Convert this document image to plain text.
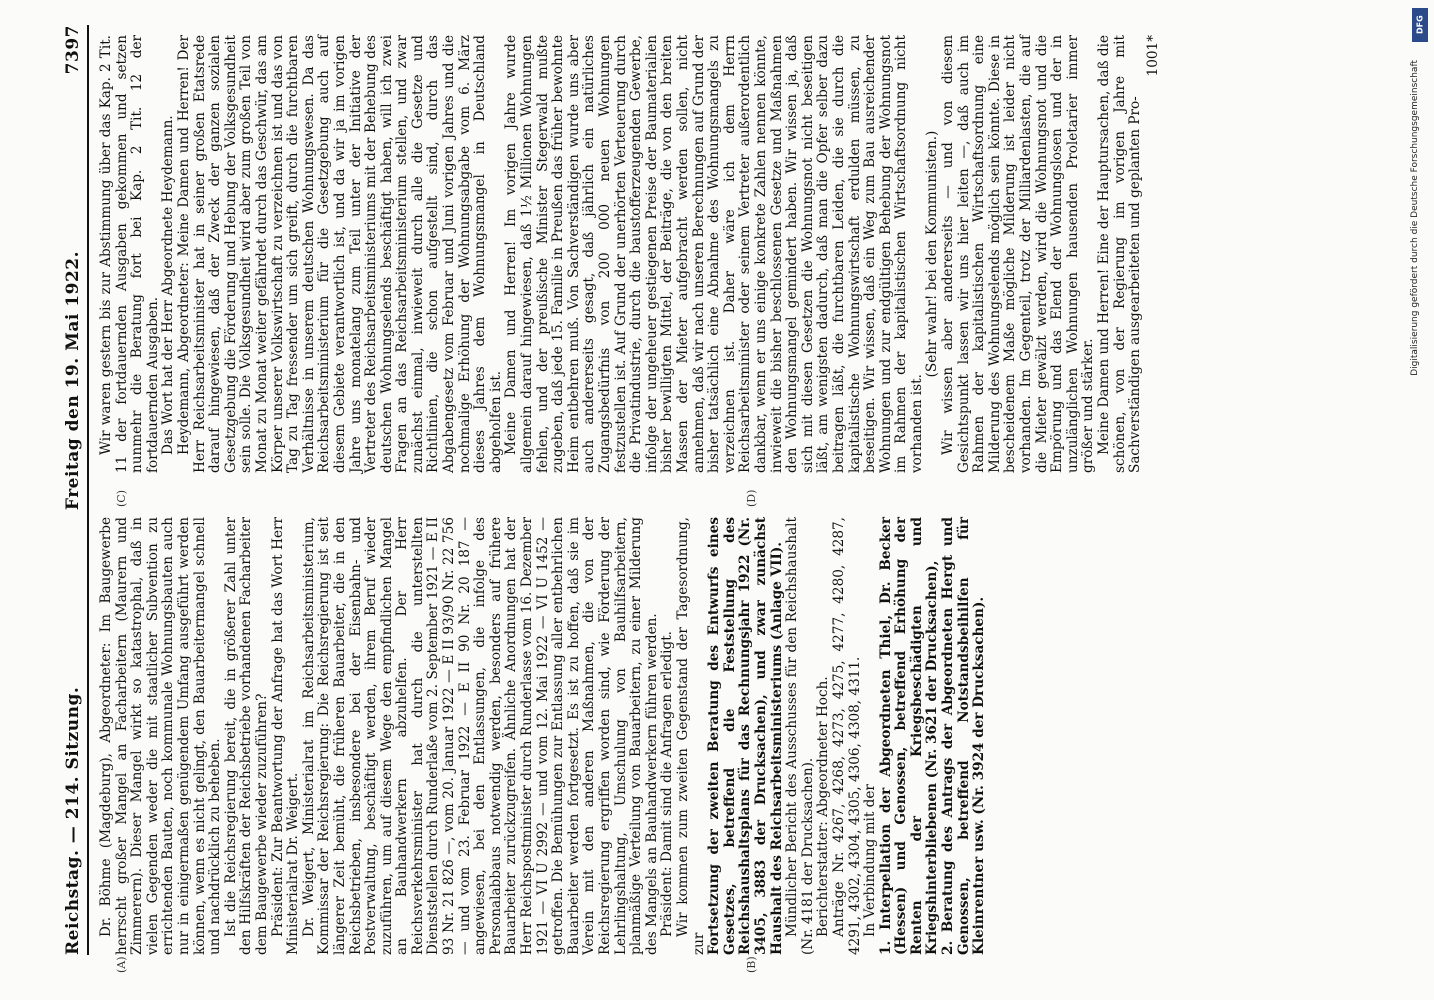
Reichstag. — 214. Sitzung.
Freitag den 19. Mai 1922.
7397
(A)	(B)
(C)	(D)

Dr. Böhme (Magdeburg), Abgeordneter: Im Baugewerbe herrscht großer Mangel an Facharbeitern (Maurern und Zimmerern). Dieser Mangel wirkt so katastrophal, daß in vielen Gegenden weder die mit staatlicher Subvention zu errichtenden Bauten, noch kommunale Wohnungsbauten auch nur in einigermaßen genügendem Umfang ausgeführt werden können, wenn es nicht gelingt, den Bauarbeitermangel schnell und nachdrücklich zu beheben. Ist die Reichsregierung bereit, die in größerer Zahl unter den Hilfskräften der Reichsbetriebe vorhandenen Facharbeiter dem Baugewerbe wieder zuzuführen? Präsident: Zur Beantwortung der Anfrage hat das Wort Herr Ministerialrat Dr. Weigert. Dr. Weigert, Ministerialrat im Reichsarbeitsministerium, Kommissar der Reichsregierung: Die Reichsregierung ist seit längerer Zeit bemüht, die früheren Bauarbeiter, die in den Reichsbetrieben, insbesondere bei der Eisenbahn- und Postverwaltung, beschäftigt werden, ihrem Beruf wieder zuzuführen, um auf diesem Wege den empfindlichen Mangel an Bauhandwerkern abzuhelfen. Der Herr Reichsverkehrsminister hat durch die unterstellten Dienststellen durch Runderlaße vom 2. September 1921 — E II 93 Nr. 21 826 —, vom 20. Januar 1922 — E II 93/90 Nr. 22 756 — und vom 23. Februar 1922 — E II 90 Nr. 20 187 — angewiesen, bei den Entlassungen, die infolge des Personalabbaus notwendig werden, besonders auf frühere Bauarbeiter zurückzugreifen. Ähnliche Anordnungen hat der Herr Reichspostminister durch Runderlasse vom 16. Dezember 1921 — VI U 2992 — und vom 12. Mai 1922 — VI U 1452 — getroffen. Die Bemühungen zur Entlassung aller entbehrlichen Bauarbeiter werden fortgesetzt. Es ist zu hoffen, daß sie im Verein mit den anderen Maßnahmen, die von der Reichsregierung ergriffen worden sind, wie Förderung der Lehrlingshaltung, Umschulung von Bauhilfsarbeitern, planmäßige Verteilung von Bauarbeitern, zu einer Milderung des Mangels an Bauhandwerkern führen werden. Präsident: Damit sind die Anfragen erledigt. Wir kommen zum zweiten Gegenstand der Tagesordnung, zur Fortsetzung der zweiten Beratung des Entwurfs eines Gesetzes, betreffend die Feststellung des Reichshaushaltsplans für das Rechnungsjahr 1922 (Nr. 3405, 3883 der Drucksachen), und zwar zunächst Haushalt des Reichsarbeitsministeriums (Anlage VII). Mündlicher Bericht des Ausschusses für den Reichshaushalt (Nr. 4181 der Drucksachen). Berichterstatter: Abgeordneter Hoch. Anträge Nr. 4267, 4268, 4273, 4275, 4277, 4280, 4287, 4291, 4302, 4304, 4305, 4306, 4308, 4311. In Verbindung mit der 1. Interpellation der Abgeordneten Thiel, Dr. Becker (Hessen) und Genossen, betreffend Erhöhung der Renten der Kriegsbeschädigten und Kriegshinterbliebenen (Nr. 3621 der Drucksachen), 2. Beratung des Antrags der Abgeordneten Hergt und Genossen, betreffend Notstandsbeihilfen für Kleinrentner usw. (Nr. 3924 der Drucksachen).

Wir waren gestern bis zur Abstimmung über das Kap. 2 Tit. 11 der fortdauernden Ausgaben gekommen und setzen nunmehr die Beratung fort bei Kap. 2 Tit. 12 der fortdauernden Ausgaben. Das Wort hat der Herr Abgeordnete Heydemann. Heydemann, Abgeordneter: Meine Damen und Herren! Der Herr Reichsarbeitsminister hat in seiner großen Etatsrede darauf hingewiesen, daß der Zweck der ganzen sozialen Gesetzgebung die Förderung und Hebung der Volksgesundheit sein solle. Die Volksgesundheit wird aber zum großen Teil von Monat zu Monat weiter gefährdet durch das Geschwür, das am Körper unserer Volkswirtschaft zu verzeichnen ist und das von Tag zu Tag fressender um sich greift, durch die furchtbaren Verhältnisse in unserem deutschen Wohnungswesen. Da das Reichsarbeitsministerium für die Gesetzgebung auch auf diesem Gebiete verantwortlich ist, und da wir ja im vorigen Jahre uns monatelang zum Teil unter der Initiative der Vertreter des Reichsarbeitsministeriums mit der Behebung des deutschen Wohnungselends beschäftigt haben, will ich zwei Fragen an das Reichsarbeitsministerium stellen, und zwar zunächst einmal, inwieweit durch alle die Gesetze und Richtlinien, die schon aufgestellt sind, durch das Abgabengesetz vom Februar und Juni vorigen Jahres und die nochmalige Erhöhung der Wohnungsabgabe vom 6. März dieses Jahres dem Wohnungsmangel in Deutschland abgeholfen ist. Meine Damen und Herren! Im vorigen Jahre wurde allgemein darauf hingewiesen, daß 1½ Millionen Wohnungen fehlen, und der preußische Minister Stegerwald mußte zugeben, daß jede 15. Familie in Preußen das früher bewohnte Heim entbehren muß. Von Sachverständigen wurde uns aber auch andererseits gesagt, daß jährlich ein natürliches Zugangsbedürfnis von 200 000 neuen Wohnungen festzustellen ist. Auf Grund der unerhörten Verteuerung durch die Privatindustrie, durch die baustofferzeugenden Gewerbe, infolge der ungeheuer gestiegenen Preise der Baumaterialien bisher bewilligten Mittel, der Beiträge, die von den breiten Massen der Mieter aufgebracht werden sollen, nicht annehmen, daß wir nach unseren Berechnungen auf Grund der bisher tatsächlich eine Abnahme des Wohnungsmangels zu verzeichnen ist. Daher wäre ich dem Herrn Reichsarbeitsminister oder seinem Vertreter außerordentlich dankbar, wenn er uns einige konkrete Zahlen nennen könnte, inwieweit die bisher beschlossenen Gesetze und Maßnahmen den Wohnungsmangel gemindert haben. Wir wissen ja, daß sich mit diesen Gesetzen die Wohnungsnot nicht beseitigen läßt, am wenigsten dadurch, daß man die Opfer selber dazu beitragen läßt, die furchtbaren Leiden, die sie durch die kapitalistische Wohnungswirtschaft erdulden müssen, zu beseitigen. Wir wissen, daß ein Weg zum Bau ausreichender Wohnungen und zur endgültigen Behebung der Wohnungsnot im Rahmen der kapitalistischen Wirtschaftsordnung nicht vorhanden ist.

(Sehr wahr! bei den Kommunisten.) Wir wissen aber andererseits — und von diesem Gesichtspunkt lassen wir uns hier leiten —, daß auch im Rahmen der kapitalistischen Wirtschaftsordnung eine Milderung des Wohnungselends möglich sein könnte. Diese in bescheidenem Maße mögliche Milderung ist leider nicht vorhanden. Im Gegenteil, trotz der Milliardenlasten, die auf die Mieter gewälzt werden, wird die Wohnungsnot und die Empörung und das Elend der Wohnungslosen und der in unzulänglichen Wohnungen hausenden Proletarier immer größer und stärker. Meine Damen und Herren! Eine der Hauptursachen, daß die schönen, von der Regierung im vorigen Jahre mit Sachverständigen ausgearbeiteten und geplanten Pro-

1001*

DFG
Digitalisierung gefördert durch die Deutsche Forschungsgemeinschaft
